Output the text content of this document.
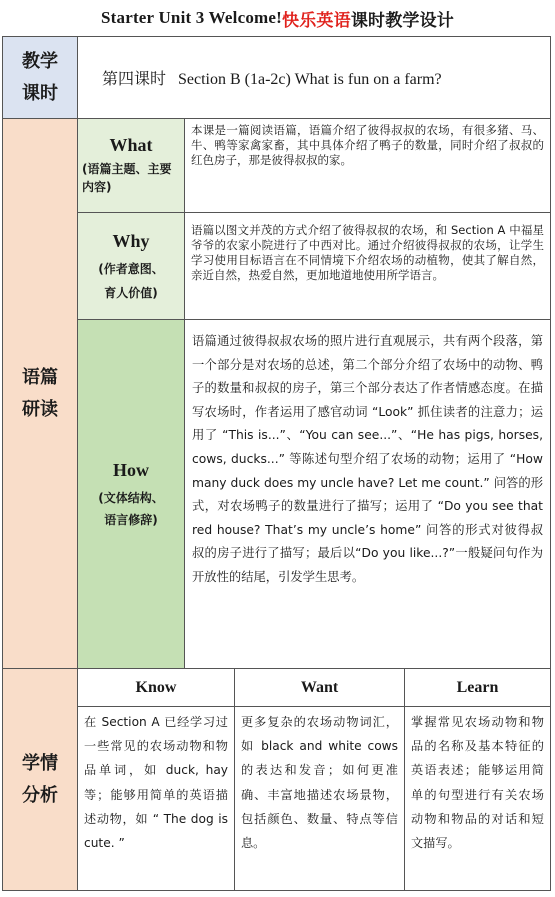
Starter Unit 3 Welcome! 快乐英语 课时教学设计
教学
课时
第四课时   Section B (1a-2c) What is fun on a farm?
语篇
研读
What
(语篇主题、主要内容)
本课是一篇阅读语篇，语篇介绍了彼得叔叔的农场，有很多猪、马、牛、鸭等家禽家畜，其中具体介绍了鸭子的数量，同时介绍了叔叔的红色房子，那是彼得叔叔的家。
Why
(作者意图、
育人价值)
语篇以图文并茂的方式介绍了彼得叔叔的农场，和 Section A 中福星爷爷的农家小院进行了中西对比。通过介绍彼得叔叔的农场，让学生学习使用目标语言在不同情境下介绍农场的动植物，使其了解自然，亲近自然，热爱自然，更加地道地使用所学语言。
How
(文体结构、
语言修辞)
语篇通过彼得叔叔农场的照片进行直观展示，共有两个段落，第一个部分是对农场的总述，第二个部分介绍了农场中的动物、鸭子的数量和叔叔的房子，第三个部分表达了作者情感态度。在描写农场时，作者运用了感官动词 “Look” 抓住读者的注意力；运用了 “This is...”、“You can see...”、“He has pigs, horses, cows, ducks...” 等陈述句型介绍了农场的动物；运用了 “How many duck does my uncle have? Let me count.” 问答的形式，对农场鸭子的数量进行了描写；运用了 “Do you see that red house? That’s my uncle’s home” 问答的形式对彼得叔叔的房子进行了描写；最后以“Do you like...?”一般疑问句作为开放性的结尾，引发学生思考。
学情
分析
Know	Want	Learn
在 Section A 已经学习过一些常见的农场动物和物品单词，如 duck, hay 等；能够用简单的英语描述动物，如 “ The dog is cute. ”
更多复杂的农场动物词汇，如 black and white cows 的表达和发音；如何更准确、丰富地描述农场景物，包括颜色、数量、特点等信息。
掌握常见农场动物和物品的名称及基本特征的英语表述；能够运用简单的句型进行有关农场动物和物品的对话和短文描写。
